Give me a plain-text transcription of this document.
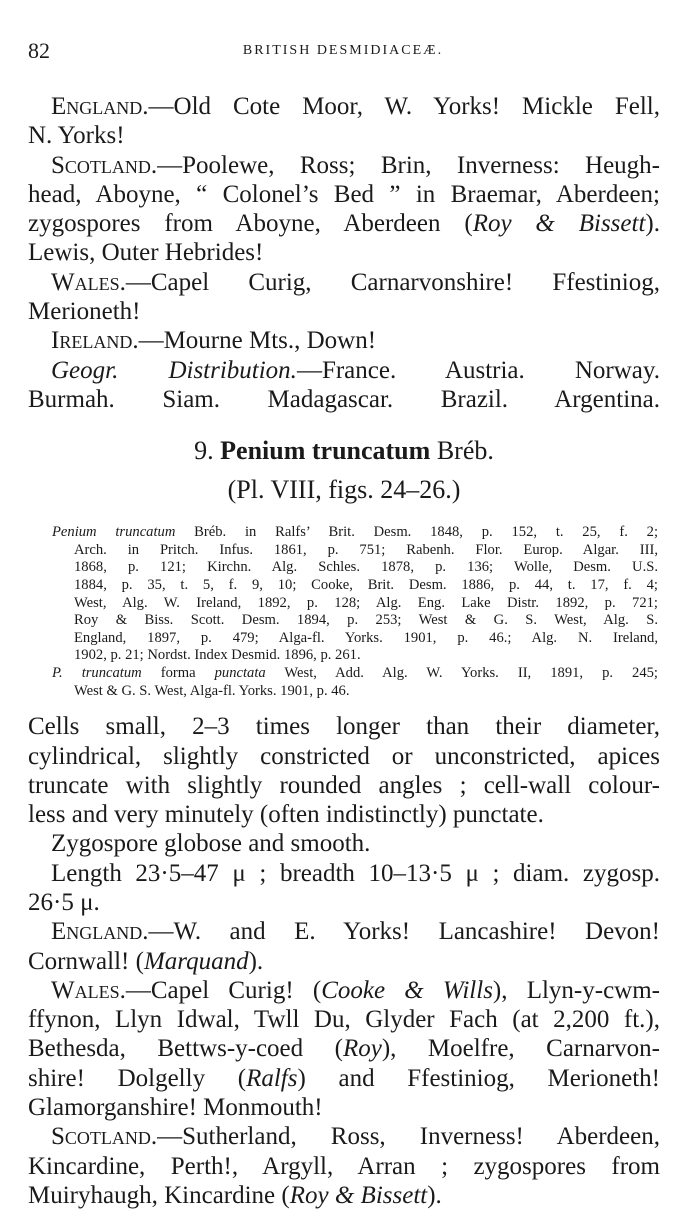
82	BRITISH DESMIDIACEÆ.
England.—Old Cote Moor, W. Yorks! Mickle Fell,
N. Yorks!
Scotland.—Poolewe, Ross; Brin, Inverness: Heugh-
head, Aboyne, “ Colonel’s Bed ” in Braemar, Aberdeen;
zygospores from Aboyne, Aberdeen (Roy & Bissett).
Lewis, Outer Hebrides!
Wales.—Capel Curig, Carnarvonshire! Ffestiniog,
Merioneth!
Ireland.—Mourne Mts., Down!
Geogr. Distribution.—France. Austria. Norway.
Burmah. Siam. Madagascar. Brazil. Argentina.
9. Penium truncatum Bréb.
(Pl. VIII, figs. 24–26.)
Penium truncatum Bréb. in Ralfs’ Brit. Desm. 1848, p. 152, t. 25, f. 2;
Arch. in Pritch. Infus. 1861, p. 751; Rabenh. Flor. Europ. Algar. III,
1868, p. 121; Kirchn. Alg. Schles. 1878, p. 136; Wolle, Desm. U.S.
1884, p. 35, t. 5, f. 9, 10; Cooke, Brit. Desm. 1886, p. 44, t. 17, f. 4;
West, Alg. W. Ireland, 1892, p. 128; Alg. Eng. Lake Distr. 1892, p. 721;
Roy & Biss. Scott. Desm. 1894, p. 253; West & G. S. West, Alg. S.
England, 1897, p. 479; Alga-fl. Yorks. 1901, p. 46.; Alg. N. Ireland,
1902, p. 21; Nordst. Index Desmid. 1896, p. 261.
P. truncatum forma punctata West, Add. Alg. W. Yorks. II, 1891, p. 245;
West & G. S. West, Alga-fl. Yorks. 1901, p. 46.
Cells small, 2–3 times longer than their diameter,
cylindrical, slightly constricted or unconstricted, apices
truncate with slightly rounded angles ; cell-wall colour-
less and very minutely (often indistinctly) punctate.
Zygospore globose and smooth.
Length 23·5–47 μ ; breadth 10–13·5 μ ; diam. zygosp.
26·5 μ.
England.—W. and E. Yorks! Lancashire! Devon!
Cornwall! (Marquand).
Wales.—Capel Curig! (Cooke & Wills), Llyn-y-cwm-
ffynon, Llyn Idwal, Twll Du, Glyder Fach (at 2,200 ft.),
Bethesda, Bettws-y-coed (Roy), Moelfre, Carnarvon-
shire! Dolgelly (Ralfs) and Ffestiniog, Merioneth!
Glamorganshire! Monmouth!
Scotland.—Sutherland, Ross, Inverness! Aberdeen,
Kincardine, Perth!, Argyll, Arran ; zygospores from
Muiryhaugh, Kincardine (Roy & Bissett).
